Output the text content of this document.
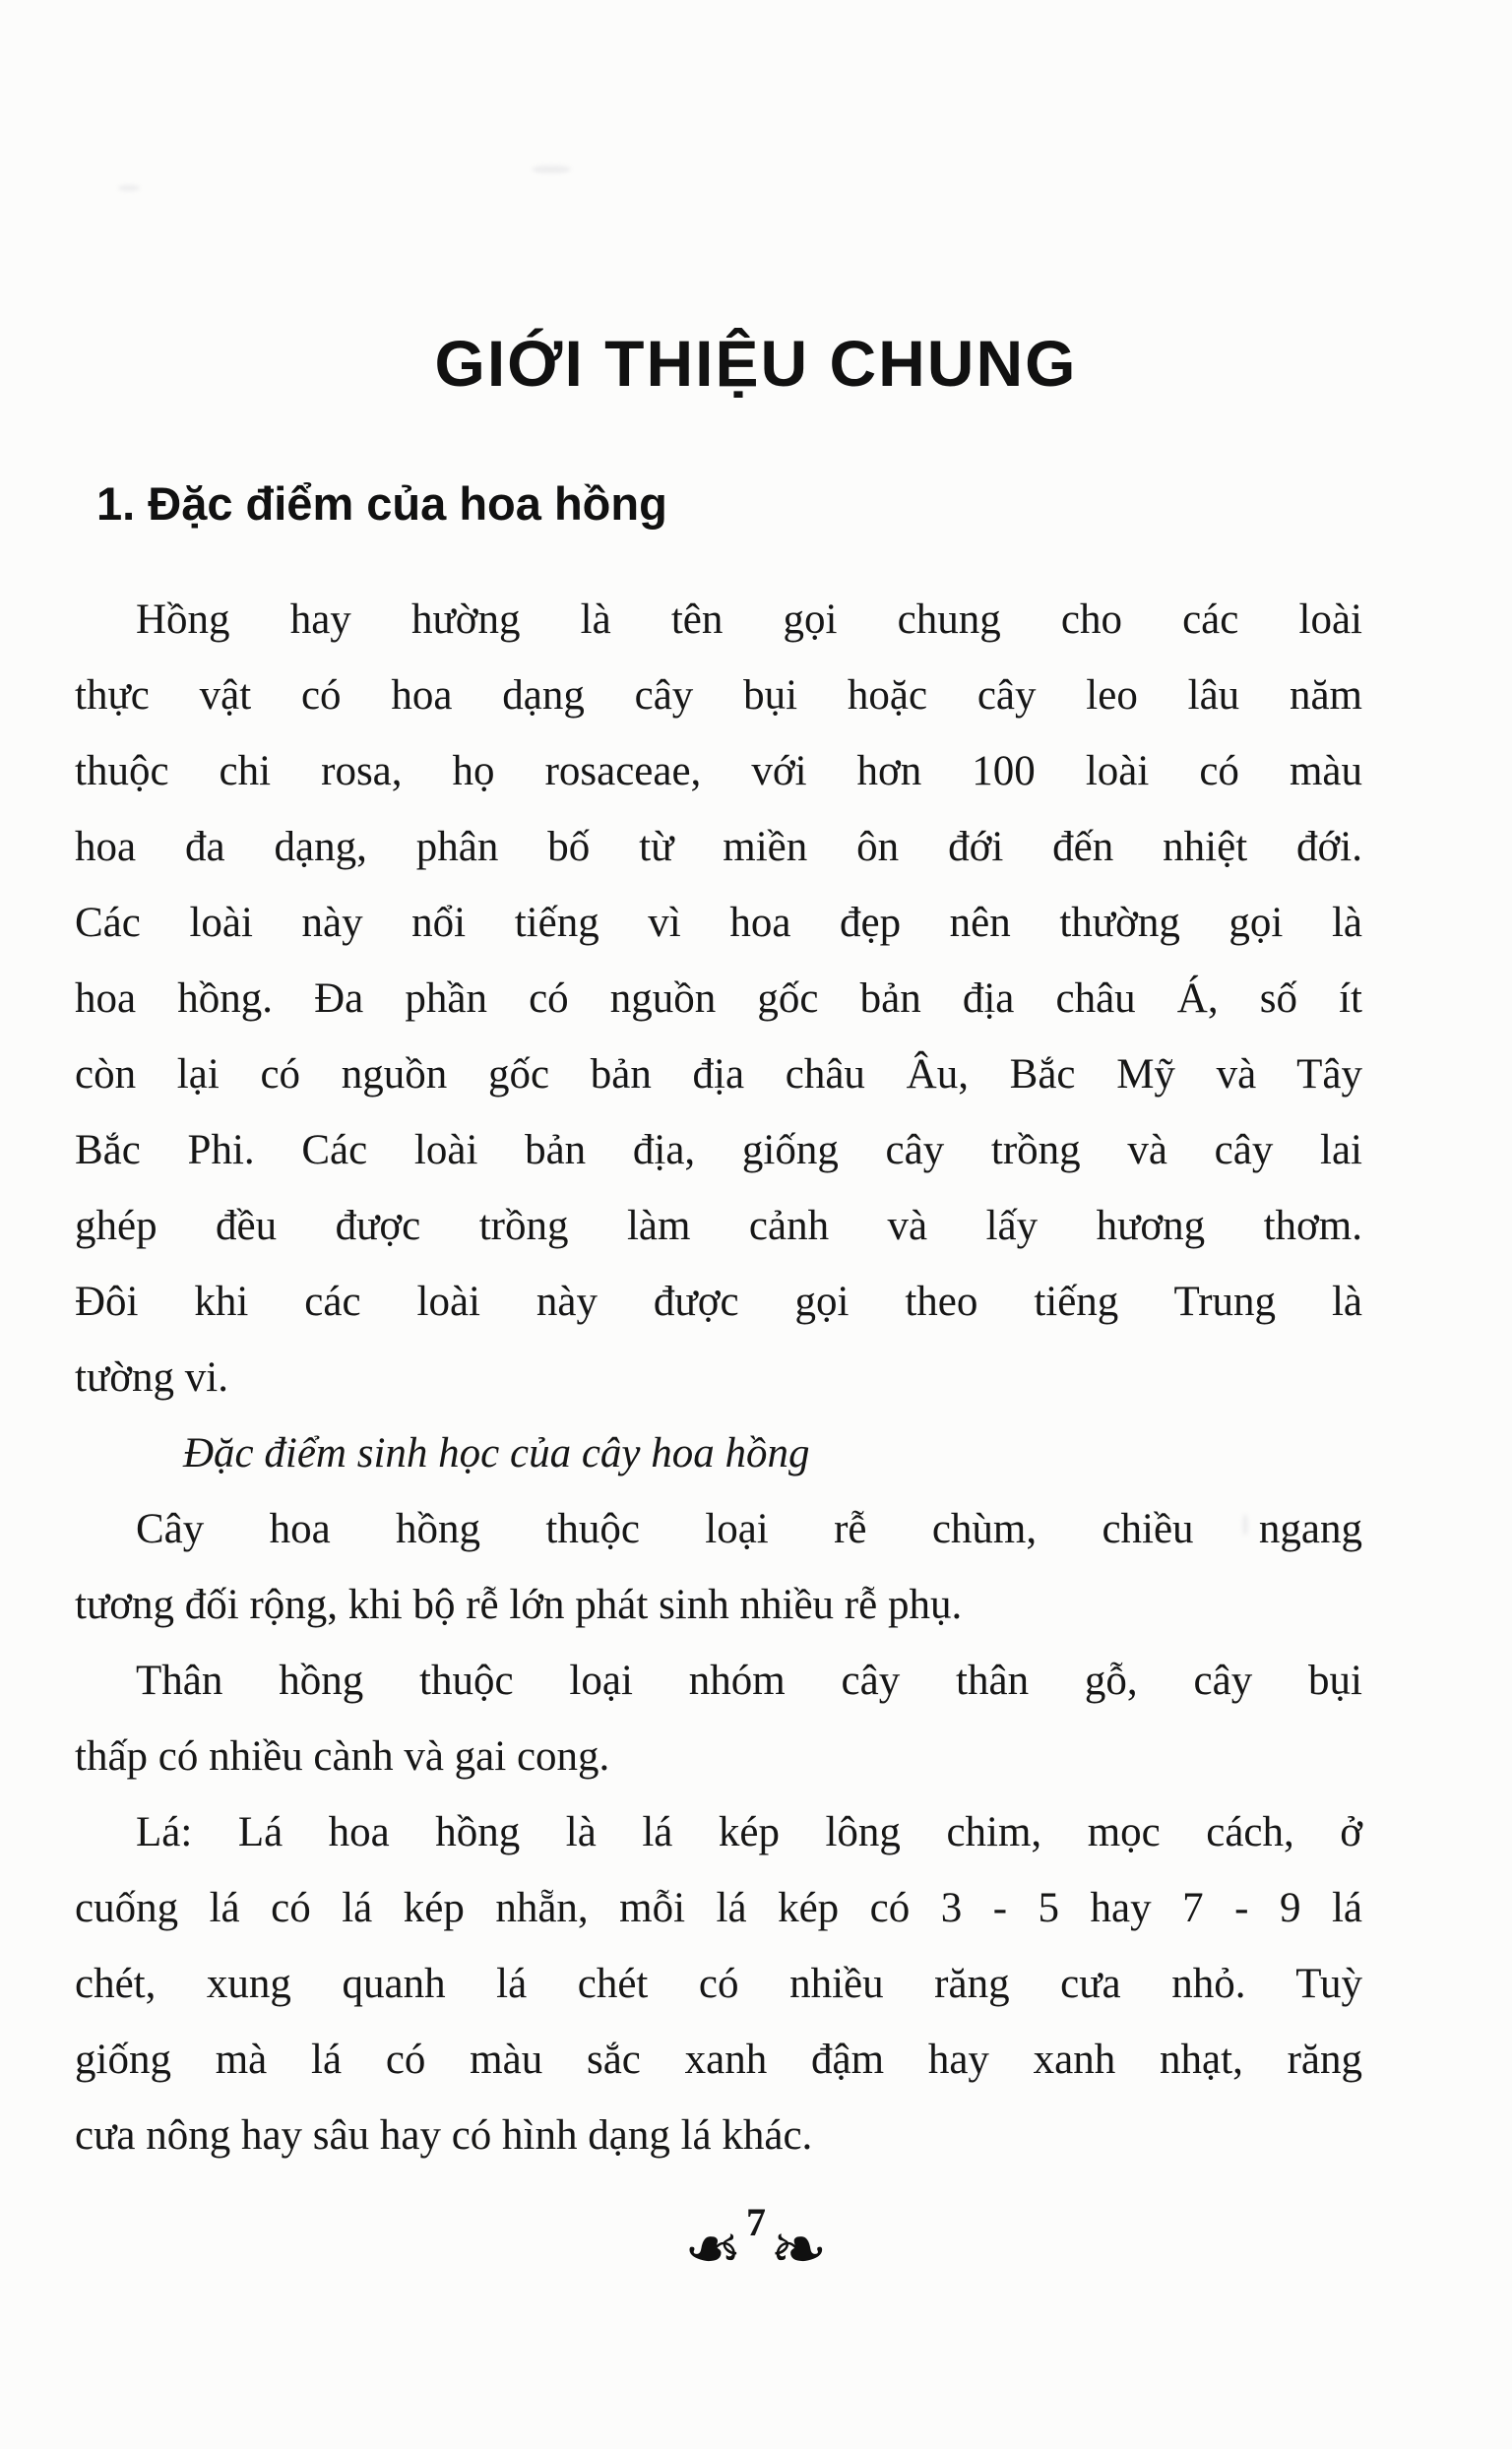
GIỚI THIỆU CHUNG
1. Đặc điểm của hoa hồng
Hồng hay hường là tên gọi chung cho các loài
thực vật có hoa dạng cây bụi hoặc cây leo lâu năm
thuộc chi rosa, họ rosaceae, với hơn 100 loài có màu
hoa đa dạng, phân bố từ miền ôn đới đến nhiệt đới.
Các loài này nổi tiếng vì hoa đẹp nên thường gọi là
hoa hồng. Đa phần có nguồn gốc bản địa châu Á, số ít
còn lại có nguồn gốc bản địa châu Âu, Bắc Mỹ và Tây
Bắc Phi. Các loài bản địa, giống cây trồng và cây lai
ghép đều được trồng làm cảnh và lấy hương thơm.
Đôi khi các loài này được gọi theo tiếng Trung là
tường vi.
Đặc điểm sinh học của cây hoa hồng
Cây hoa hồng thuộc loại rễ chùm, chiều ngang
tương đối rộng, khi bộ rễ lớn phát sinh nhiều rễ phụ.
Thân hồng thuộc loại nhóm cây thân gỗ, cây bụi
thấp có nhiều cành và gai cong.
Lá: Lá hoa hồng là lá kép lông chim, mọc cách, ở
cuống lá có lá kép nhẵn, mỗi lá kép có 3 - 5 hay 7 - 9 lá
chét, xung quanh lá chét có nhiều răng cưa nhỏ. Tuỳ
giống mà lá có màu sắc xanh đậm hay xanh nhạt, răng
cưa nông hay sâu hay có hình dạng lá khác.
❧ 7 ❧
